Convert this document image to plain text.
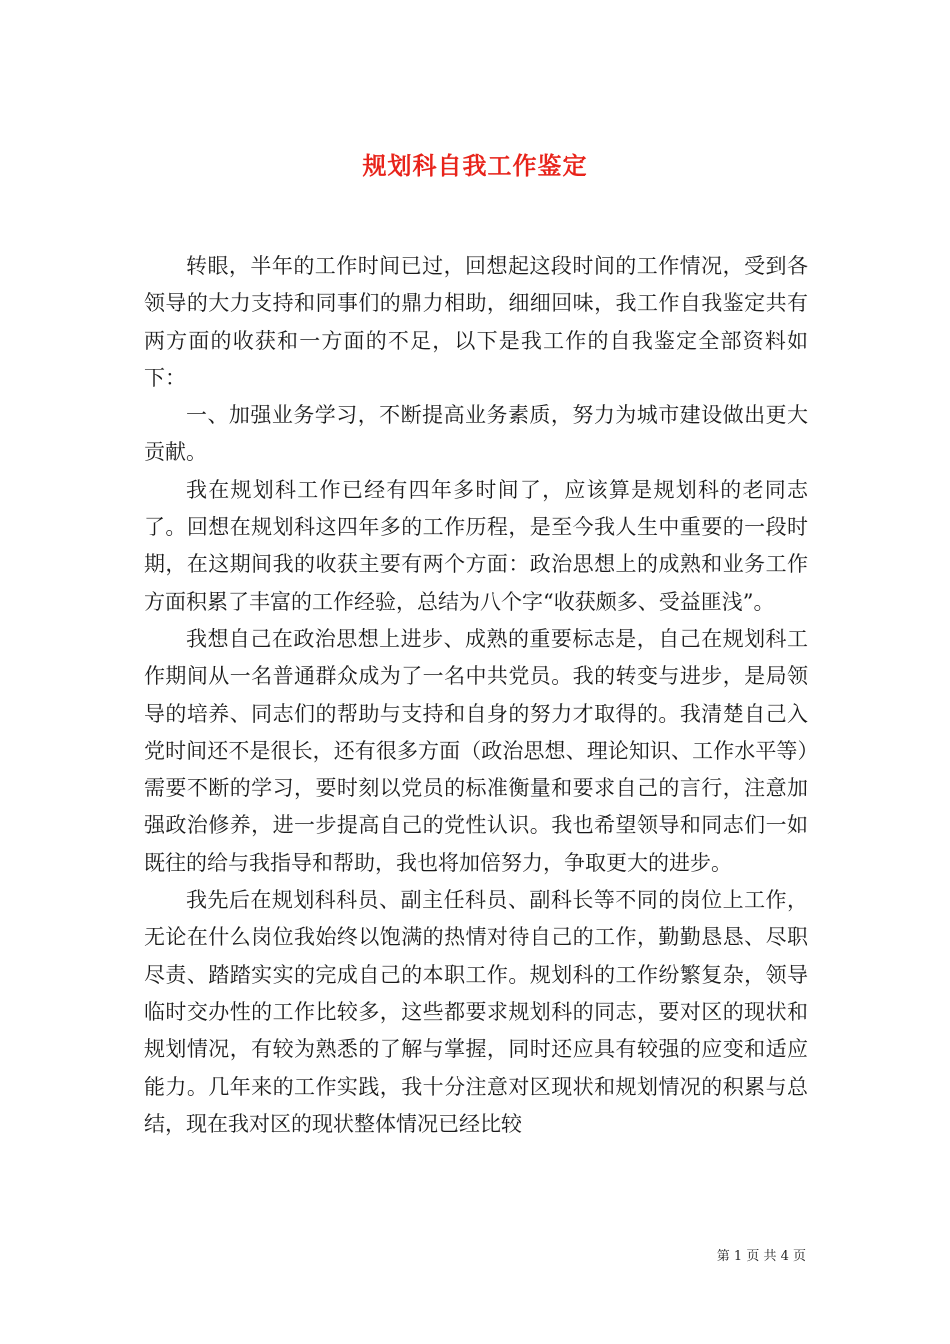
规划科自我工作鉴定

转眼，半年的工作时间已过，回想起这段时间的工作情况，受到各领导的大力支持和同事们的鼎力相助，细细回味，我工作自我鉴定共有两方面的收获和一方面的不足，以下是我工作的自我鉴定全部资料如下：

一、加强业务学习，不断提高业务素质，努力为城市建设做出更大贡献。

我在规划科工作已经有四年多时间了，应该算是规划科的老同志了。回想在规划科这四年多的工作历程，是至今我人生中重要的一段时期，在这期间我的收获主要有两个方面：政治思想上的成熟和业务工作方面积累了丰富的工作经验，总结为八个字“收获颇多、受益匪浅”。

我想自己在政治思想上进步、成熟的重要标志是，自己在规划科工作期间从一名普通群众成为了一名中共党员。我的转变与进步，是局领导的培养、同志们的帮助与支持和自身的努力才取得的。我清楚自己入党时间还不是很长，还有很多方面（政治思想、理论知识、工作水平等）需要不断的学习，要时刻以党员的标准衡量和要求自己的言行，注意加强政治修养，进一步提高自己的党性认识。我也希望领导和同志们一如既往的给与我指导和帮助，我也将加倍努力，争取更大的进步。

我先后在规划科科员、副主任科员、副科长等不同的岗位上工作，无论在什么岗位我始终以饱满的热情对待自己的工作，勤勤恳恳、尽职尽责、踏踏实实的完成自己的本职工作。规划科的工作纷繁复杂，领导临时交办性的工作比较多，这些都要求规划科的同志，要对区的现状和规划情况，有较为熟悉的了解与掌握，同时还应具有较强的应变和适应能力。几年来的工作实践，我十分注意对区现状和规划情况的积累与总结，现在我对区的现状整体情况已经比较

第 1 页 共 4 页
